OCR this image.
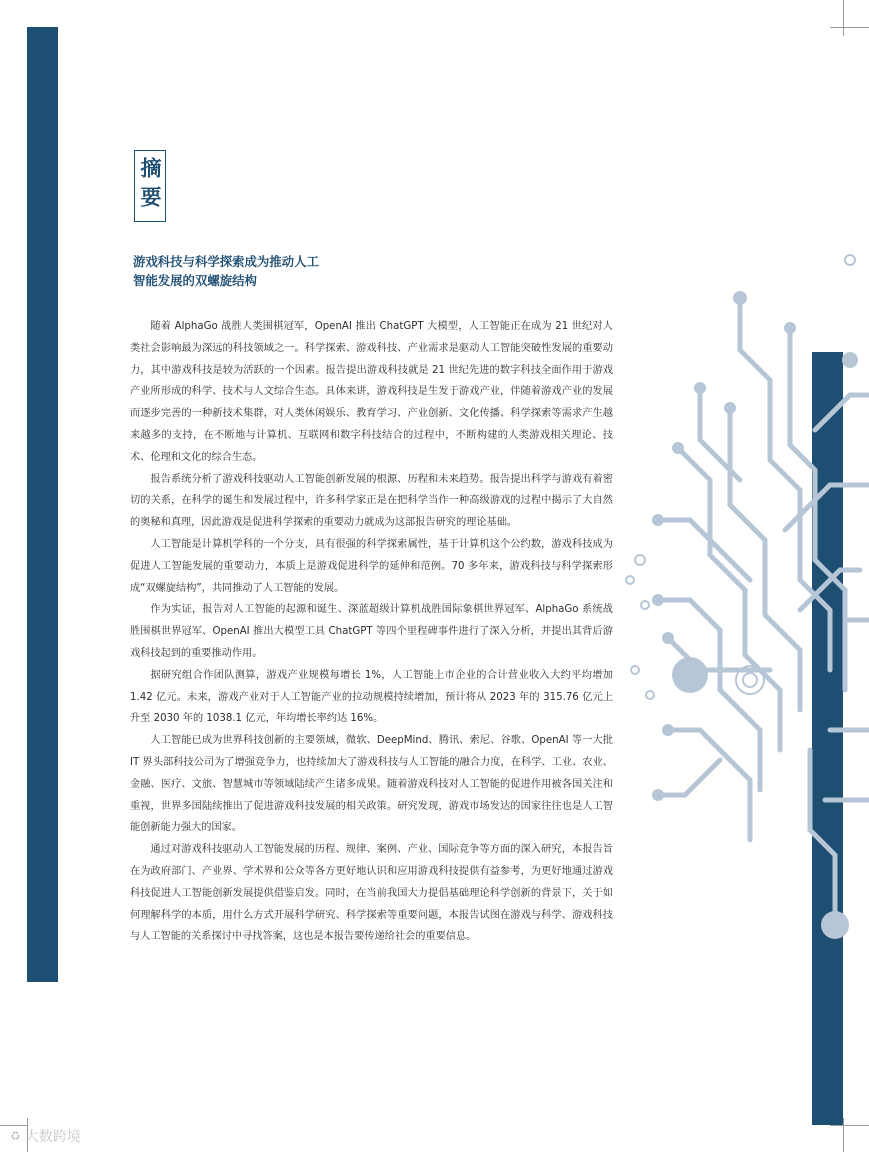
摘要
游戏科技与科学探索成为推动人工
智能发展的双螺旋结构

随着 AlphaGo 战胜人类围棋冠军，OpenAI 推出 ChatGPT 大模型，人工智能正在成为 21 世纪对人类社会影响最为深远的科技领域之一。科学探索、游戏科技、产业需求是驱动人工智能突破性发展的重要动力，其中游戏科技是较为活跃的一个因素。报告提出游戏科技就是 21 世纪先进的数字科技全面作用于游戏产业所形成的科学、技术与人文综合生态。具体来讲，游戏科技是生发于游戏产业，伴随着游戏产业的发展而逐步完善的一种新技术集群，对人类休闲娱乐、教育学习、产业创新、文化传播、科学探索等需求产生越来越多的支持，在不断地与计算机、互联网和数字科技结合的过程中，不断构建的人类游戏相关理论、技术、伦理和文化的综合生态。

报告系统分析了游戏科技驱动人工智能创新发展的根源、历程和未来趋势。报告提出科学与游戏有着密切的关系，在科学的诞生和发展过程中，许多科学家正是在把科学当作一种高级游戏的过程中揭示了大自然的奥秘和真理，因此游戏是促进科学探索的重要动力就成为这部报告研究的理论基础。

人工智能是计算机学科的一个分支，具有很强的科学探索属性，基于计算机这个公约数，游戏科技成为促进人工智能发展的重要动力，本质上是游戏促进科学的延伸和范例。70 多年来，游戏科技与科学探索形成“双螺旋结构”，共同推动了人工智能的发展。

作为实证，报告对人工智能的起源和诞生、深蓝超级计算机战胜国际象棋世界冠军、AlphaGo 系统战胜围棋世界冠军、OpenAI 推出大模型工具 ChatGPT 等四个里程碑事件进行了深入分析，并提出其背后游戏科技起到的重要推动作用。

据研究组合作团队测算，游戏产业规模每增长 1%，人工智能上市企业的合计营业收入大约平均增加 1.42 亿元。未来，游戏产业对于人工智能产业的拉动规模持续增加，预计将从 2023 年的 315.76 亿元上升至 2030 年的 1038.1 亿元，年均增长率约达 16%。

人工智能已成为世界科技创新的主要领域，微软、DeepMind、腾讯、索尼、谷歌、OpenAI 等一大批 IT 界头部科技公司为了增强竞争力，也持续加大了游戏科技与人工智能的融合力度，在科学、工业、农业、金融、医疗、文旅、智慧城市等领域陆续产生诸多成果。随着游戏科技对人工智能的促进作用被各国关注和重视，世界多国陆续推出了促进游戏科技发展的相关政策。研究发现，游戏市场发达的国家往往也是人工智能创新能力强大的国家。

通过对游戏科技驱动人工智能发展的历程、规律、案例、产业、国际竞争等方面的深入研究，本报告旨在为政府部门、产业界、学术界和公众等各方更好地认识和应用游戏科技提供有益参考，为更好地通过游戏科技促进人工智能创新发展提供借鉴启发。同时，在当前我国大力提倡基础理论科学创新的背景下，关于如何理解科学的本质，用什么方式开展科学研究、科学探索等重要问题，本报告试图在游戏与科学、游戏科技与人工智能的关系探讨中寻找答案，这也是本报告要传递给社会的重要信息。

♻ 大数跨境
